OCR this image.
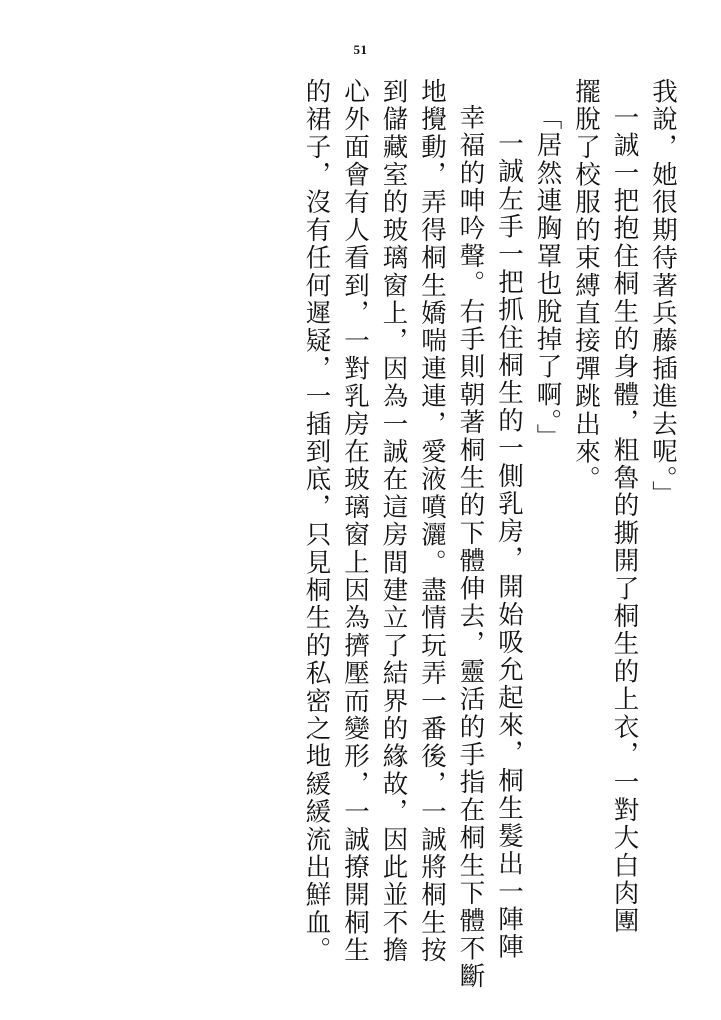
51
的裙子，沒有任何遲疑，一插到底，只見桐生的私密之地緩緩流出鮮血。 心外面會有人看到，一對乳房在玻璃窗上因為擠壓而變形，一誠撩開桐生 到儲藏室的玻璃窗上，因為一誠在這房間建立了結界的緣故，因此並不擔 地攪動，弄得桐生嬌喘連連，愛液噴灑。盡情玩弄一番後，一誠將桐生按 幸福的呻吟聲。右手則朝著桐生的下體伸去，靈活的手指在桐生下體不斷 一誠左手一把抓住桐生的一側乳房，開始吸允起來，桐生髮出一陣陣 「居然連胸罩也脫掉了啊。」 擺脫了校服的束縛直接彈跳出來。 一誠一把抱住桐生的身體，粗魯的撕開了桐生的上衣，一對大白肉團 我說，她很期待著兵藤插進去呢。」
